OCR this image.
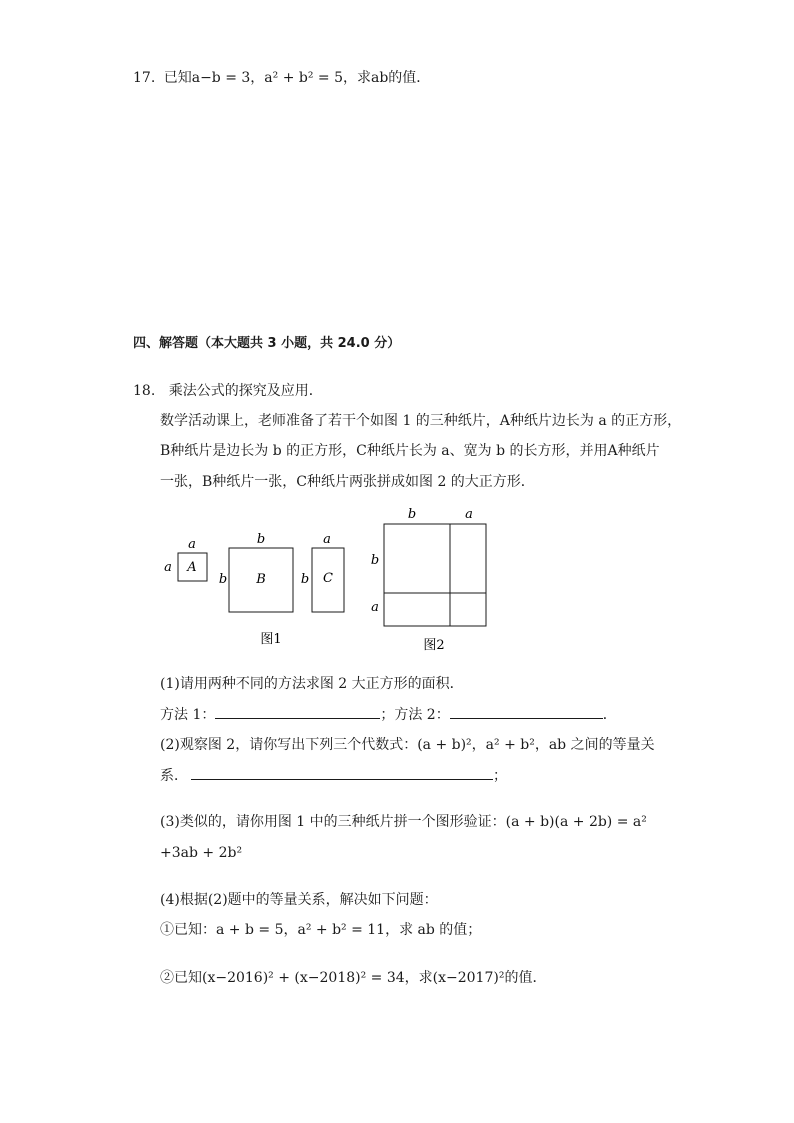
17. 已知a−b = 3，a² + b² = 5，求ab的值．
四、解答题（本大题共 3 小题，共 24.0 分）
18. 乘法公式的探究及应用．
数学活动课上，老师准备了若干个如图 1 的三种纸片，A种纸片边长为 a 的正方形，
B种纸片是边长为 b 的正方形，C种纸片长为 a、宽为 b 的长方形，并用A种纸片
一张，B种纸片一张，C种纸片两张拼成如图 2 的大正方形．
a
a A
b
b B
a
b C
图1
b	a
b
a
图2
(1)请用两种不同的方法求图 2 大正方形的面积．
方法 1：	；方法 2：	．
(2)观察图 2，请你写出下列三个代数式：(a + b)²，a² + b²，ab 之间的等量关
系．	；
(3)类似的，请你用图 1 中的三种纸片拼一个图形验证：(a + b)(a + 2b) = a²
+3ab + 2b²
(4)根据(2)题中的等量关系，解决如下问题：
①已知：a + b = 5，a² + b² = 11，求 ab 的值；
②已知(x−2016)² + (x−2018)² = 34，求(x−2017)²的值．
